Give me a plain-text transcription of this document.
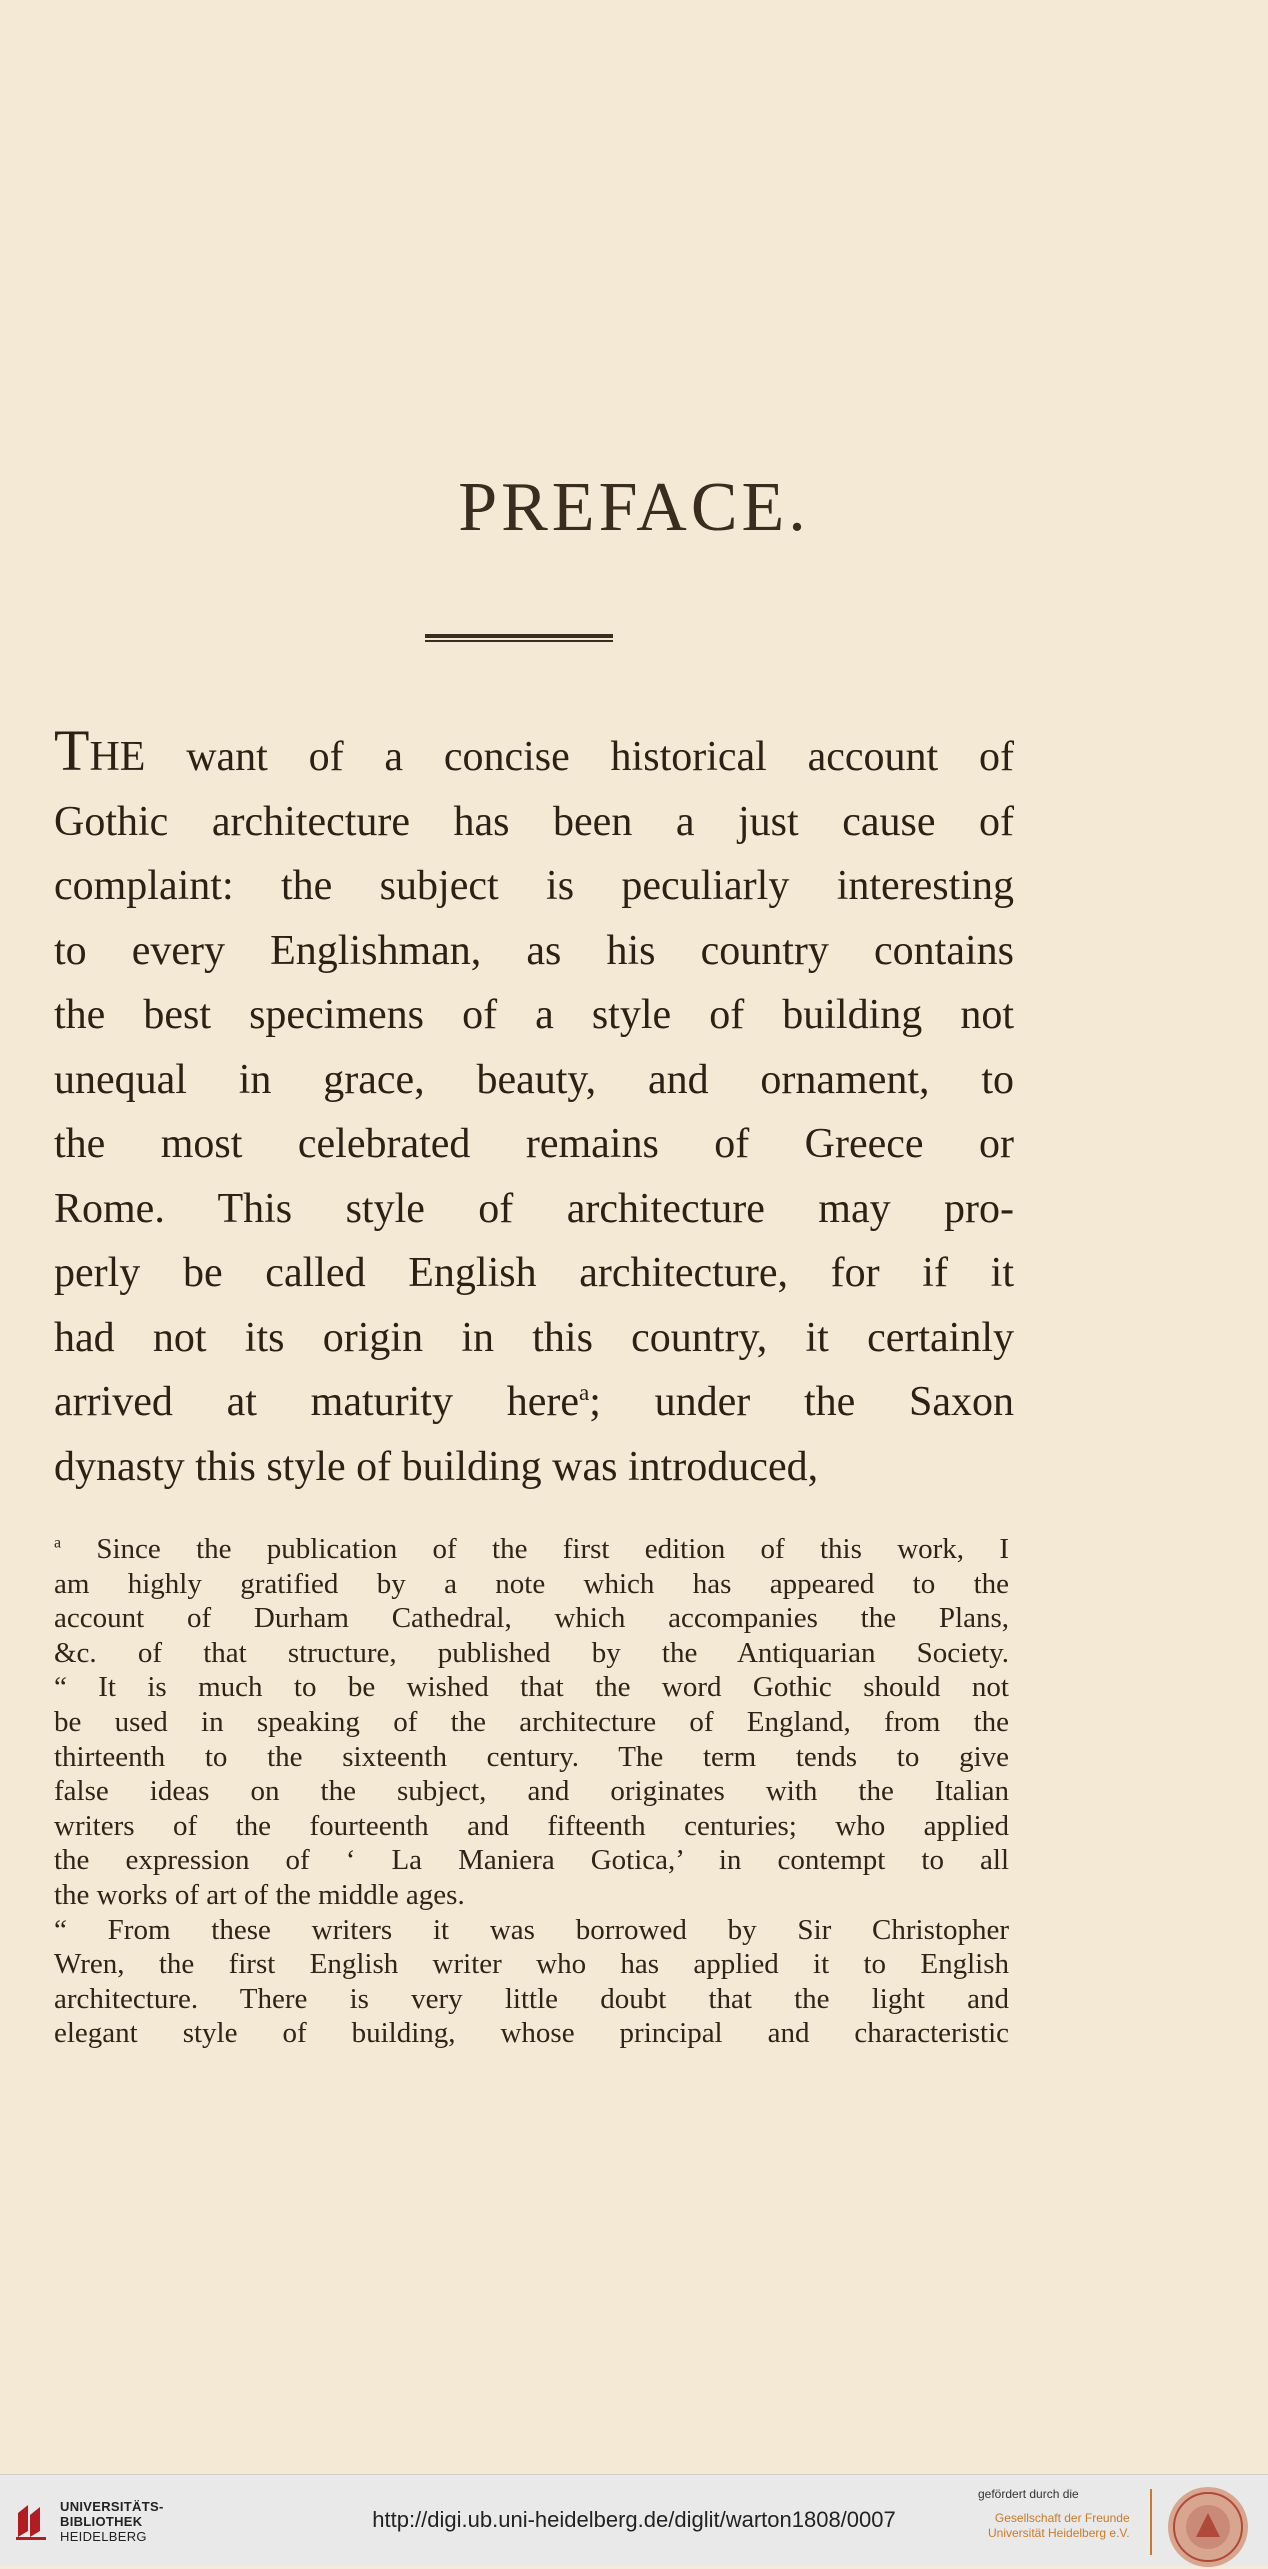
PREFACE.
THE want of a concise historical account of
Gothic architecture has been a just cause of
complaint: the subject is peculiarly interesting
to every Englishman, as his country contains
the best specimens of a style of building not
unequal in grace, beauty, and ornament, to
the most celebrated remains of Greece or
Rome. This style of architecture may pro-
perly be called English architecture, for if it
had not its origin in this country, it certainly
arrived at maturity here$^a$; under the Saxon
dynasty this style of building was introduced,
$^a$ Since the publication of the first edition of this work, I
am highly gratified by a note which has appeared to the
account of Durham Cathedral, which accompanies the Plans,
&c. of that structure, published by the Antiquarian Society.
“ It is much to be wished that the word Gothic should not
be used in speaking of the architecture of England, from the
thirteenth to the sixteenth century. The term tends to give
false ideas on the subject, and originates with the Italian
writers of the fourteenth and fifteenth centuries; who applied
the expression of ‘ La Maniera Gotica,’ in contempt to all
the works of art of the middle ages.
“ From these writers it was borrowed by Sir Christopher
Wren, the first English writer who has applied it to English
architecture. There is very little doubt that the light and
elegant style of building, whose principal and characteristic
UNIVERSITÄTS-
BIBLIOTHEK
HEIDELBERG
http://digi.ub.uni-heidelberg.de/diglit/warton1808/0007
gefördert durch die
Gesellschaft der Freunde
Universität Heidelberg e.V.
